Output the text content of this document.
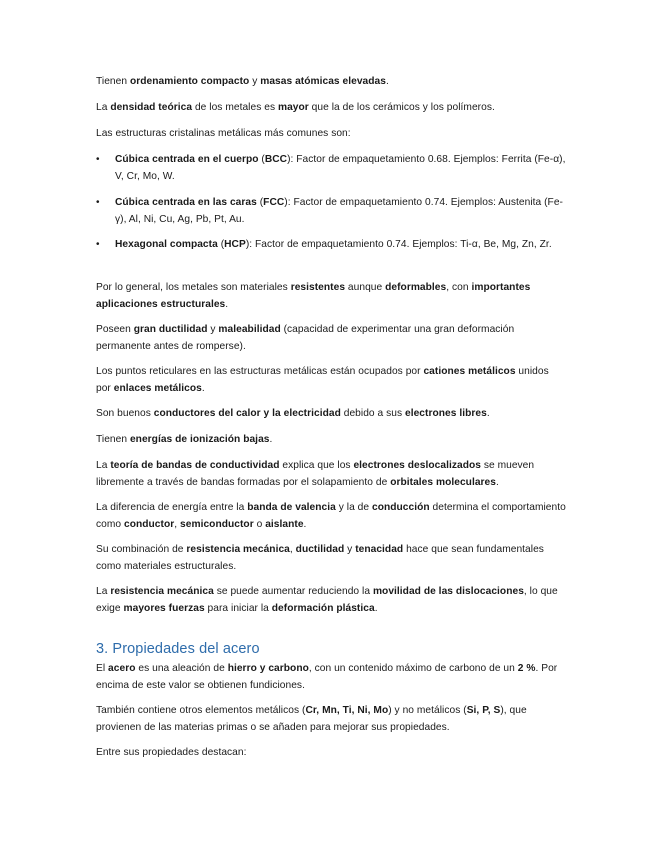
Tienen ordenamiento compacto y masas atómicas elevadas.

La densidad teórica de los metales es mayor que la de los cerámicos y los polímeros.

Las estructuras cristalinas metálicas más comunes son:

• Cúbica centrada en el cuerpo (BCC): Factor de empaquetamiento 0.68. Ejemplos: Ferrita (Fe-α), V, Cr, Mo, W.

• Cúbica centrada en las caras (FCC): Factor de empaquetamiento 0.74. Ejemplos: Austenita (Fe-γ), Al, Ni, Cu, Ag, Pb, Pt, Au.

• Hexagonal compacta (HCP): Factor de empaquetamiento 0.74. Ejemplos: Ti-α, Be, Mg, Zn, Zr.

Por lo general, los metales son materiales resistentes aunque deformables, con importantes aplicaciones estructurales.

Poseen gran ductilidad y maleabilidad (capacidad de experimentar una gran deformación permanente antes de romperse).

Los puntos reticulares en las estructuras metálicas están ocupados por cationes metálicos unidos por enlaces metálicos.

Son buenos conductores del calor y la electricidad debido a sus electrones libres.

Tienen energías de ionización bajas.

La teoría de bandas de conductividad explica que los electrones deslocalizados se mueven libremente a través de bandas formadas por el solapamiento de orbitales moleculares.

La diferencia de energía entre la banda de valencia y la de conducción determina el comportamiento como conductor, semiconductor o aislante.

Su combinación de resistencia mecánica, ductilidad y tenacidad hace que sean fundamentales como materiales estructurales.

La resistencia mecánica se puede aumentar reduciendo la movilidad de las dislocaciones, lo que exige mayores fuerzas para iniciar la deformación plástica.

3. Propiedades del acero

El acero es una aleación de hierro y carbono, con un contenido máximo de carbono de un 2 %. Por encima de este valor se obtienen fundiciones.

También contiene otros elementos metálicos (Cr, Mn, Ti, Ni, Mo) y no metálicos (Si, P, S), que provienen de las materias primas o se añaden para mejorar sus propiedades.

Entre sus propiedades destacan:
